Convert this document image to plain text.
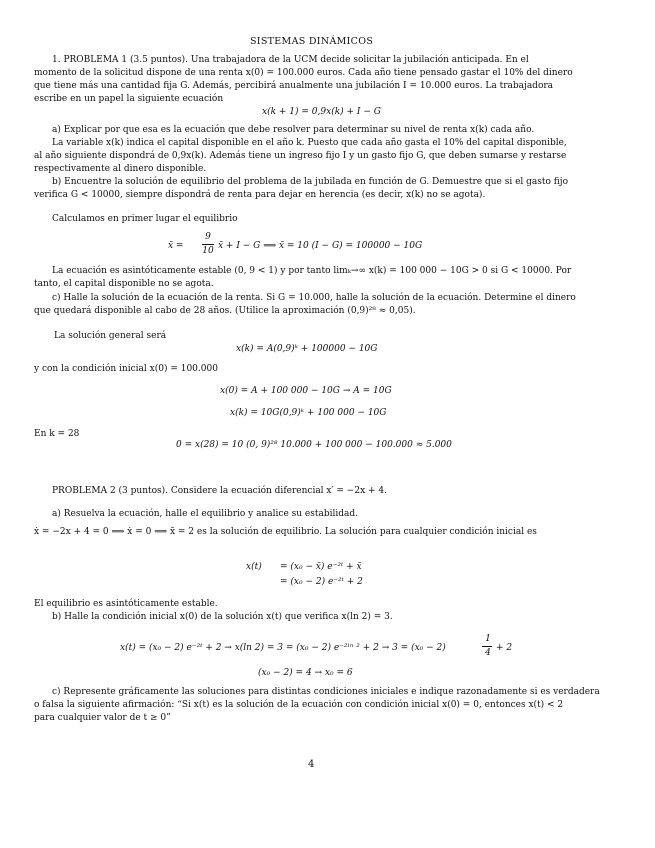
SISTEMAS DINÁMICOS
1. PROBLEMA 1 (3.5 puntos). Una trabajadora de la UCM decide solicitar la jubilación anticipada. En el
momento de la solicitud dispone de una renta x(0) = 100.000 euros. Cada año tiene pensado gastar el 10% del dinero
que tiene más una cantidad fija G. Además, percibirá anualmente una jubilación I = 10.000 euros. La trabajadora
escribe en un papel la siguiente ecuación
x(k + 1) = 0,9x(k) + I − G
a) Explicar por que esa es la ecuación que debe resolver para determinar su nivel de renta x(k) cada año.
La variable x(k) indica el capital disponible en el año k. Puesto que cada año gasta el 10% del capital disponible,
al año siguiente dispondrá de 0,9x(k). Además tiene un ingreso fijo I y un gasto fijo G, que deben sumarse y restarse
respectivamente al dinero disponible.
b) Encuentre la solución de equilibrio del problema de la jubilada en función de G. Demuestre que si el gasto fijo
verifica G < 10000, siempre dispondrá de renta para dejar en herencia (es decir, x(k) no se agota).
Calculamos en primer lugar el equilibrio
x̄ =
9
10 x̄ + I − G ⟹ x̄ = 10 (I − G) = 100000 − 10G
La ecuación es asintóticamente estable (0, 9 < 1) y por tanto limₖ→∞ x(k) = 100 000 − 10G > 0 si G < 10000. Por
tanto, el capital disponible no se agota.
c) Halle la solución de la ecuación de la renta. Si G = 10.000, halle la solución de la ecuación. Determine el dinero
que quedará disponible al cabo de 28 años. (Utilice la aproximación (0,9)²⁸ ≈ 0,05).
La solución general será
x(k) = A(0,9)ᵏ + 100000 − 10G
y con la condición inicial x(0) = 100.000
x(0) = A + 100 000 − 10G → A = 10G
x(k) = 10G(0,9)ᵏ + 100 000 − 10G
En k = 28
0 = x(28) = 10 (0, 9)²⁸ 10.000 + 100 000 − 100.000 ≈ 5.000
PROBLEMA 2 (3 puntos). Considere la ecuación diferencial x′ = −2x + 4.
a) Resuelva la ecuación, halle el equilibrio y analice su estabilidad.
ẋ = −2x + 4 = 0 ⟹ ẋ = 0 ⟹ x̄ = 2 es la solución de equilibrio. La solución para cualquier condición inicial es
x(t) = (x₀ − x̄) e⁻²ᵗ + x̄
= (x₀ − 2) e⁻²ᵗ + 2
El equilibrio es asintóticamente estable.
b) Halle la condición inicial x(0) de la solución x(t) que verifica x(ln 2) = 3.
x(t) = (x₀ − 2) e⁻²ᵗ + 2 → x(ln 2) = 3 = (x₀ − 2) e⁻²ˡⁿ ² + 2 → 3 = (x₀ − 2)
1
4 + 2
(x₀ − 2) = 4 → x₀ = 6
c) Represente gráficamente las soluciones para distintas condiciones iniciales e indique razonadamente si es verdadera
o falsa la siguiente afirmación: “Si x(t) es la solución de la ecuación con condición inicial x(0) = 0, entonces x(t) < 2
para cualquier valor de t ≥ 0”
4
